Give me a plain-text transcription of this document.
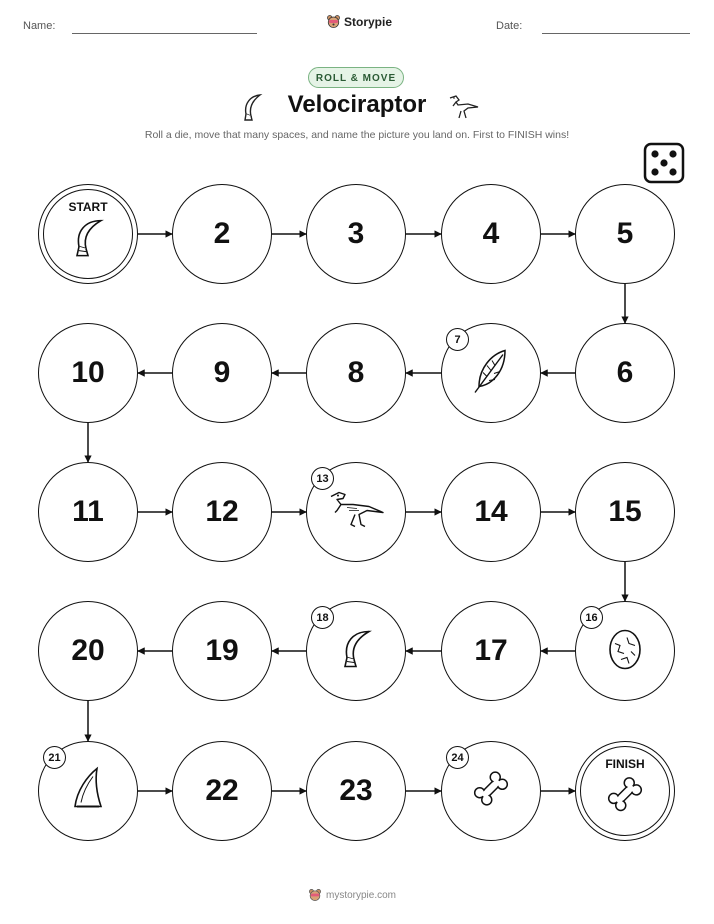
Name:	Storypie	Date:
ROLL & MOVE
Velociraptor
Roll a die, move that many spaces, and name the picture you land on. First to FINISH wins!
START
2	3	4	5
6
7
8
9
10
11	12
13
14	15
16
17
18
19
20
21
22	23
24	FINISH
mystorypie.com
